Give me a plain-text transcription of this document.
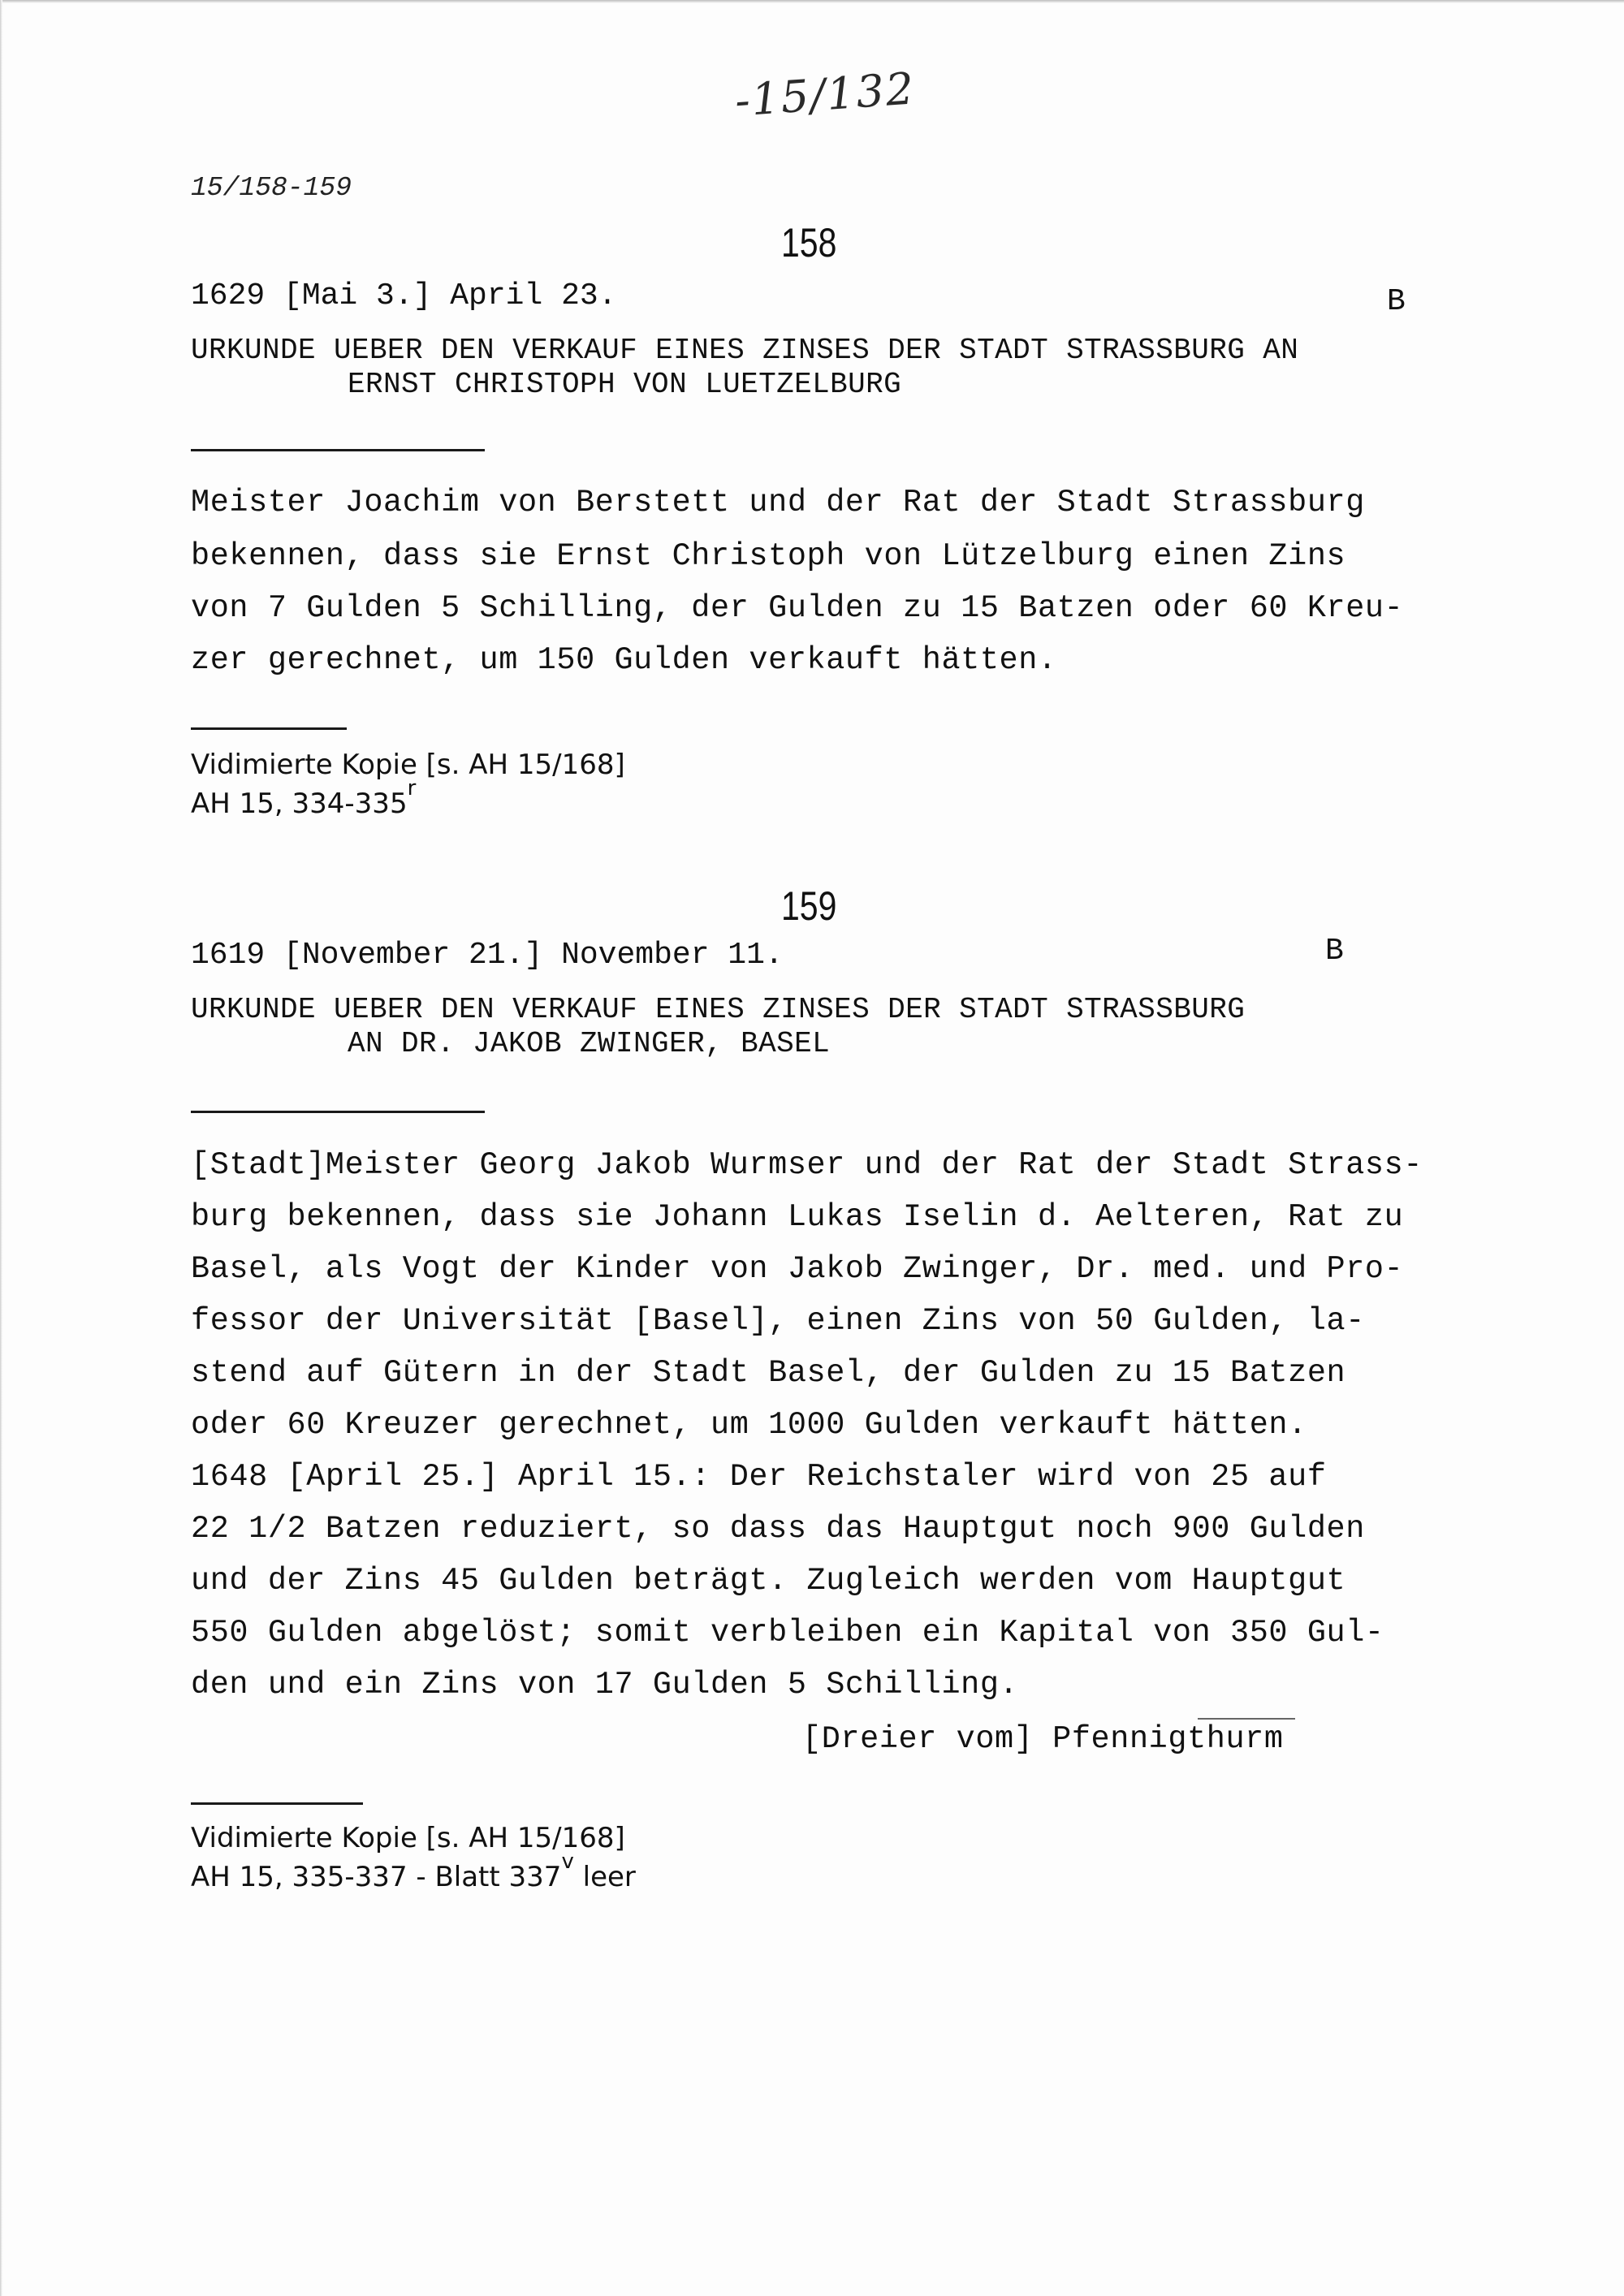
-15/132
15/158-159
158
1629 [Mai 3.] April 23.	B
URKUNDE UEBER DEN VERKAUF EINES ZINSES DER STADT STRASSBURG AN
ERNST CHRISTOPH VON LUETZELBURG
Meister Joachim von Berstett und der Rat der Stadt Strassburg
bekennen, dass sie Ernst Christoph von Lützelburg einen Zins
von 7 Gulden 5 Schilling, der Gulden zu 15 Batzen oder 60 Kreu-
zer gerechnet, um 150 Gulden verkauft hätten.
Vidimierte Kopie [s. AH 15/168]
AH 15, 334-335$^r$
159
1619 [November 21.] November 11.	B
URKUNDE UEBER DEN VERKAUF EINES ZINSES DER STADT STRASSBURG
AN DR. JAKOB ZWINGER, BASEL
[Stadt]Meister Georg Jakob Wurmser und der Rat der Stadt Strass-
burg bekennen, dass sie Johann Lukas Iselin d. Aelteren, Rat zu
Basel, als Vogt der Kinder von Jakob Zwinger, Dr. med. und Pro-
fessor der Universität [Basel], einen Zins von 50 Gulden, la-
stend auf Gütern in der Stadt Basel, der Gulden zu 15 Batzen
oder 60 Kreuzer gerechnet, um 1000 Gulden verkauft hätten.
1648 [April 25.] April 15.: Der Reichstaler wird von 25 auf
22 1/2 Batzen reduziert, so dass das Hauptgut noch 900 Gulden
und der Zins 45 Gulden beträgt. Zugleich werden vom Hauptgut
550 Gulden abgelöst; somit verbleiben ein Kapital von 350 Gul-
den und ein Zins von 17 Gulden 5 Schilling.
[Dreier vom] Pfennigthurm
Vidimierte Kopie [s. AH 15/168]
AH 15, 335-337 - Blatt 337$^v$ leer
